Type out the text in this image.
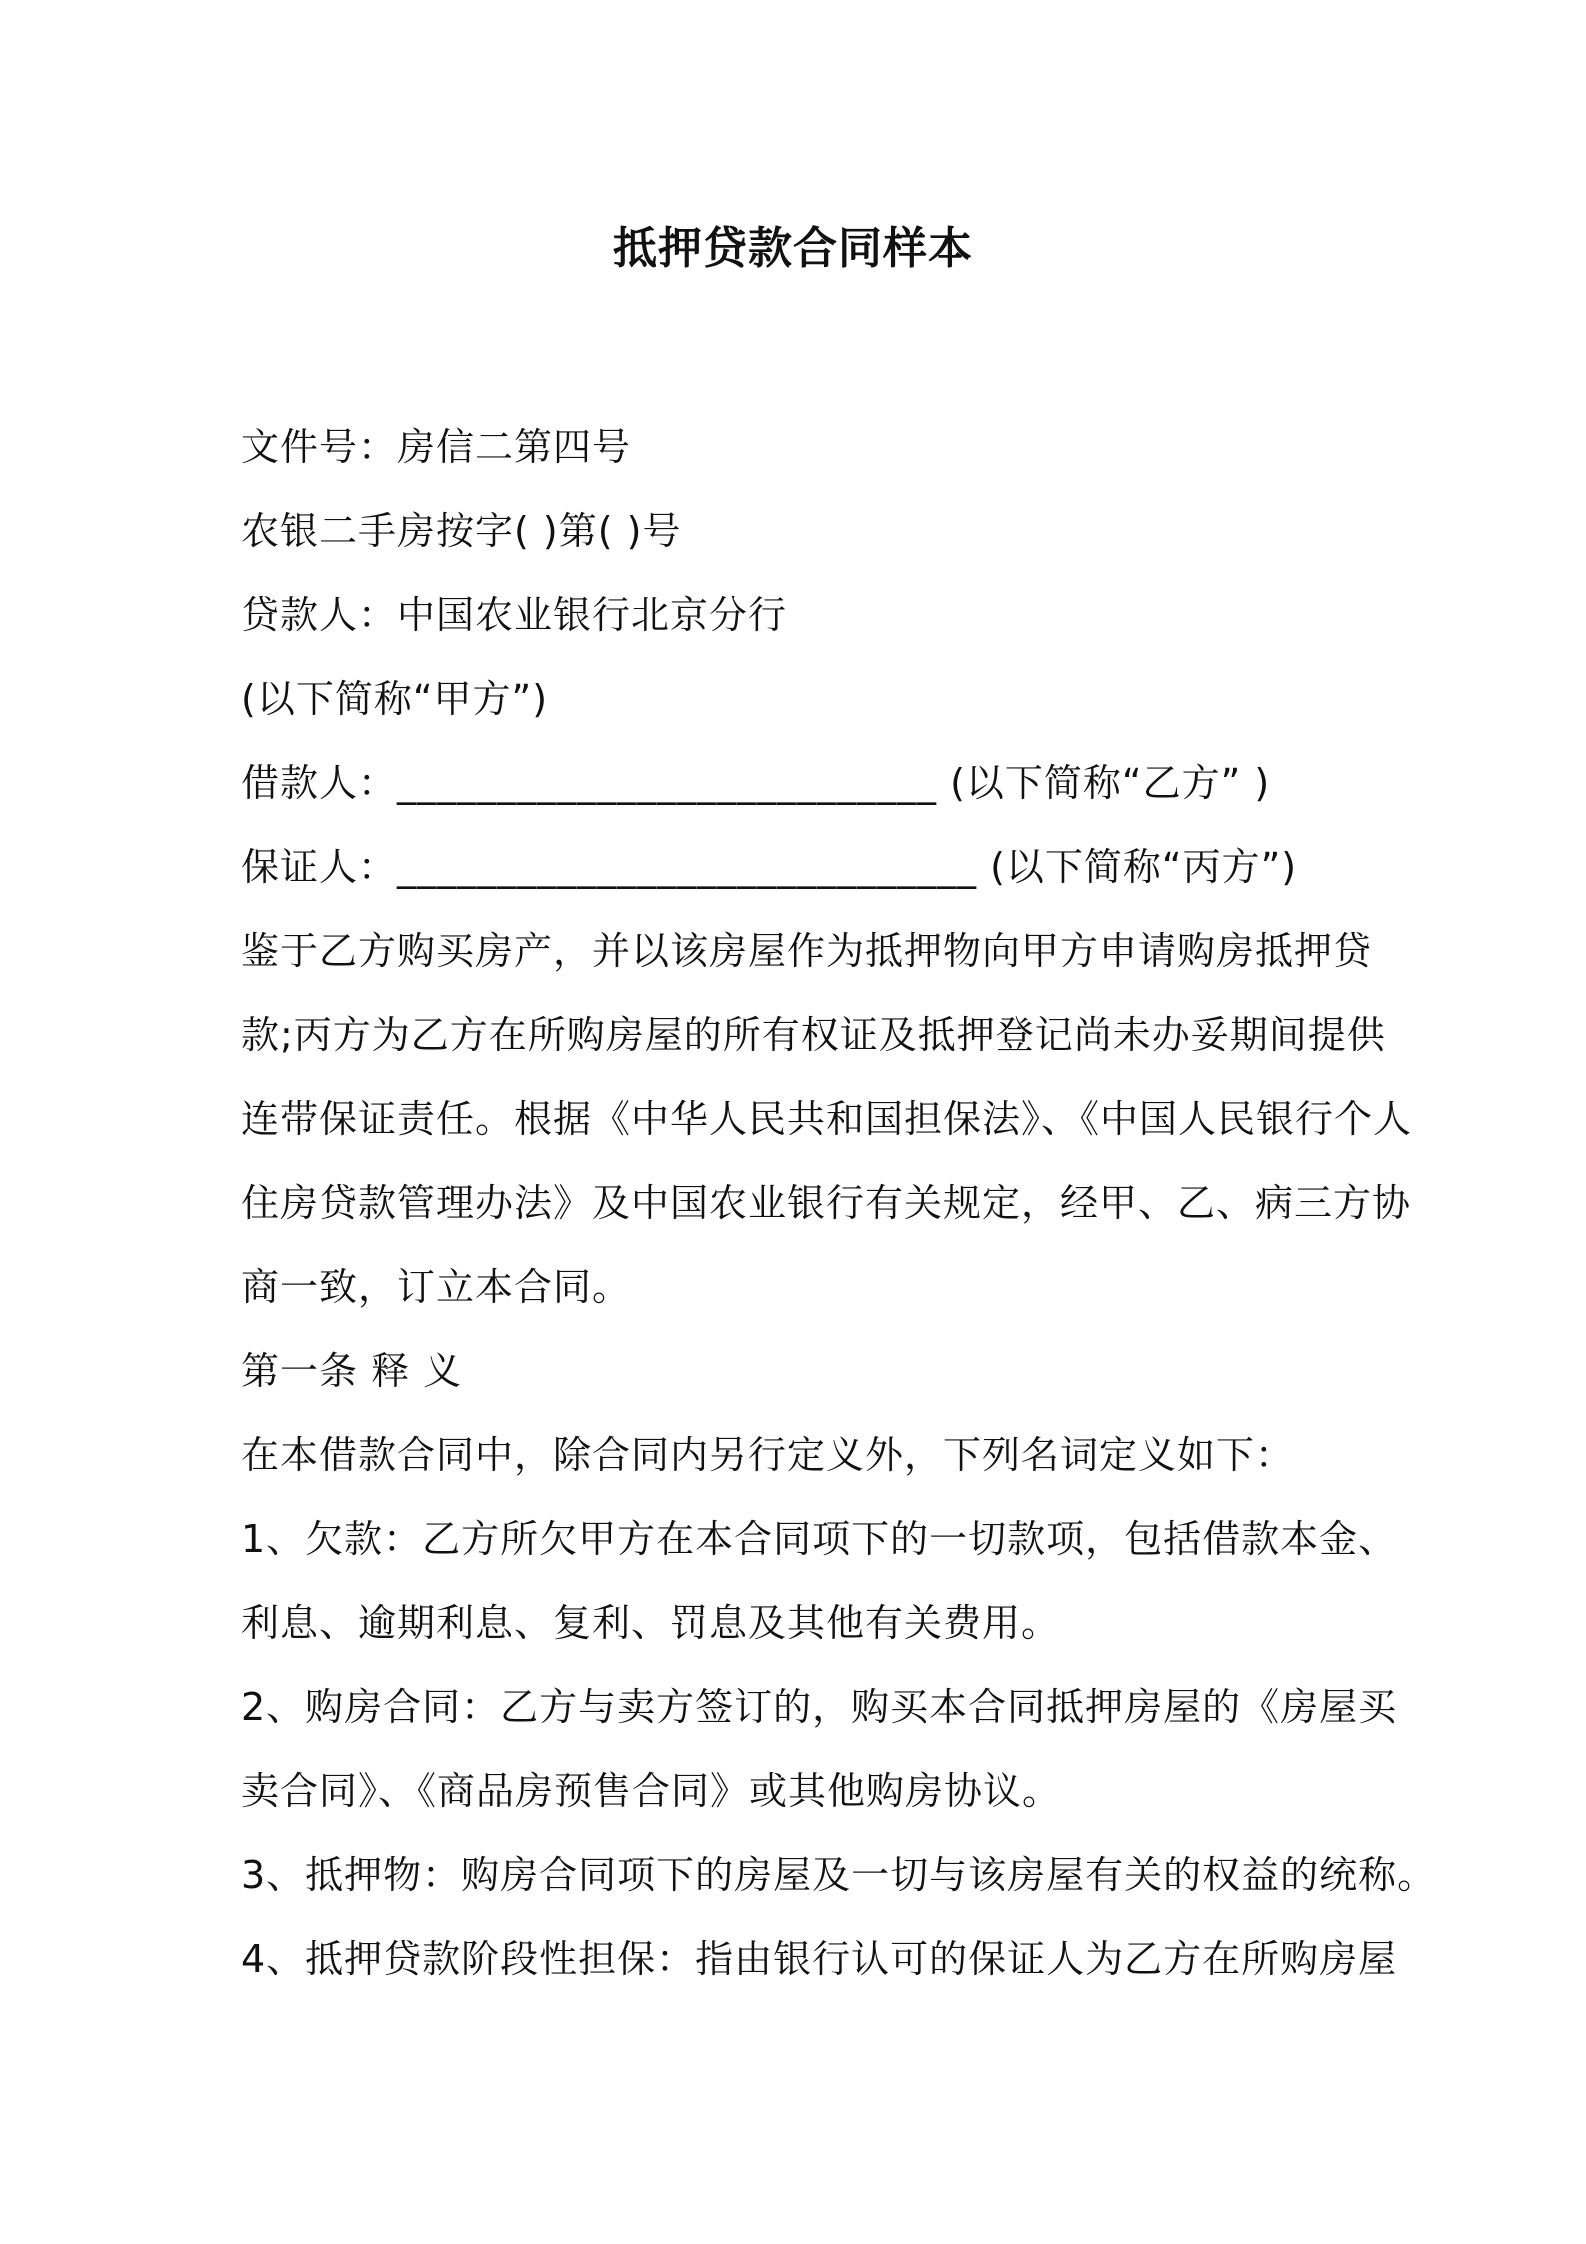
抵押贷款合同样本
文件号：房信二第四号
农银二手房按字( )第( )号
贷款人：中国农业银行北京分行
(以下简称“甲方”)
借款人：___________________________ (以下简称“乙方” )
保证人：_____________________________ (以下简称“丙方”)
鉴于乙方购买房产，并以该房屋作为抵押物向甲方申请购房抵押贷
款;丙方为乙方在所购房屋的所有权证及抵押登记尚未办妥期间提供
连带保证责任。根据《中华人民共和国担保法》、《中国人民银行个人
住房贷款管理办法》及中国农业银行有关规定，经甲、乙、病三方协
商一致，订立本合同。
第一条 释 义
在本借款合同中，除合同内另行定义外，下列名词定义如下：
1、欠款：乙方所欠甲方在本合同项下的一切款项，包括借款本金、
利息、逾期利息、复利、罚息及其他有关费用。
2、购房合同：乙方与卖方签订的，购买本合同抵押房屋的《房屋买
卖合同》、《商品房预售合同》或其他购房协议。
3、抵押物：购房合同项下的房屋及一切与该房屋有关的权益的统称。
4、抵押贷款阶段性担保：指由银行认可的保证人为乙方在所购房屋
